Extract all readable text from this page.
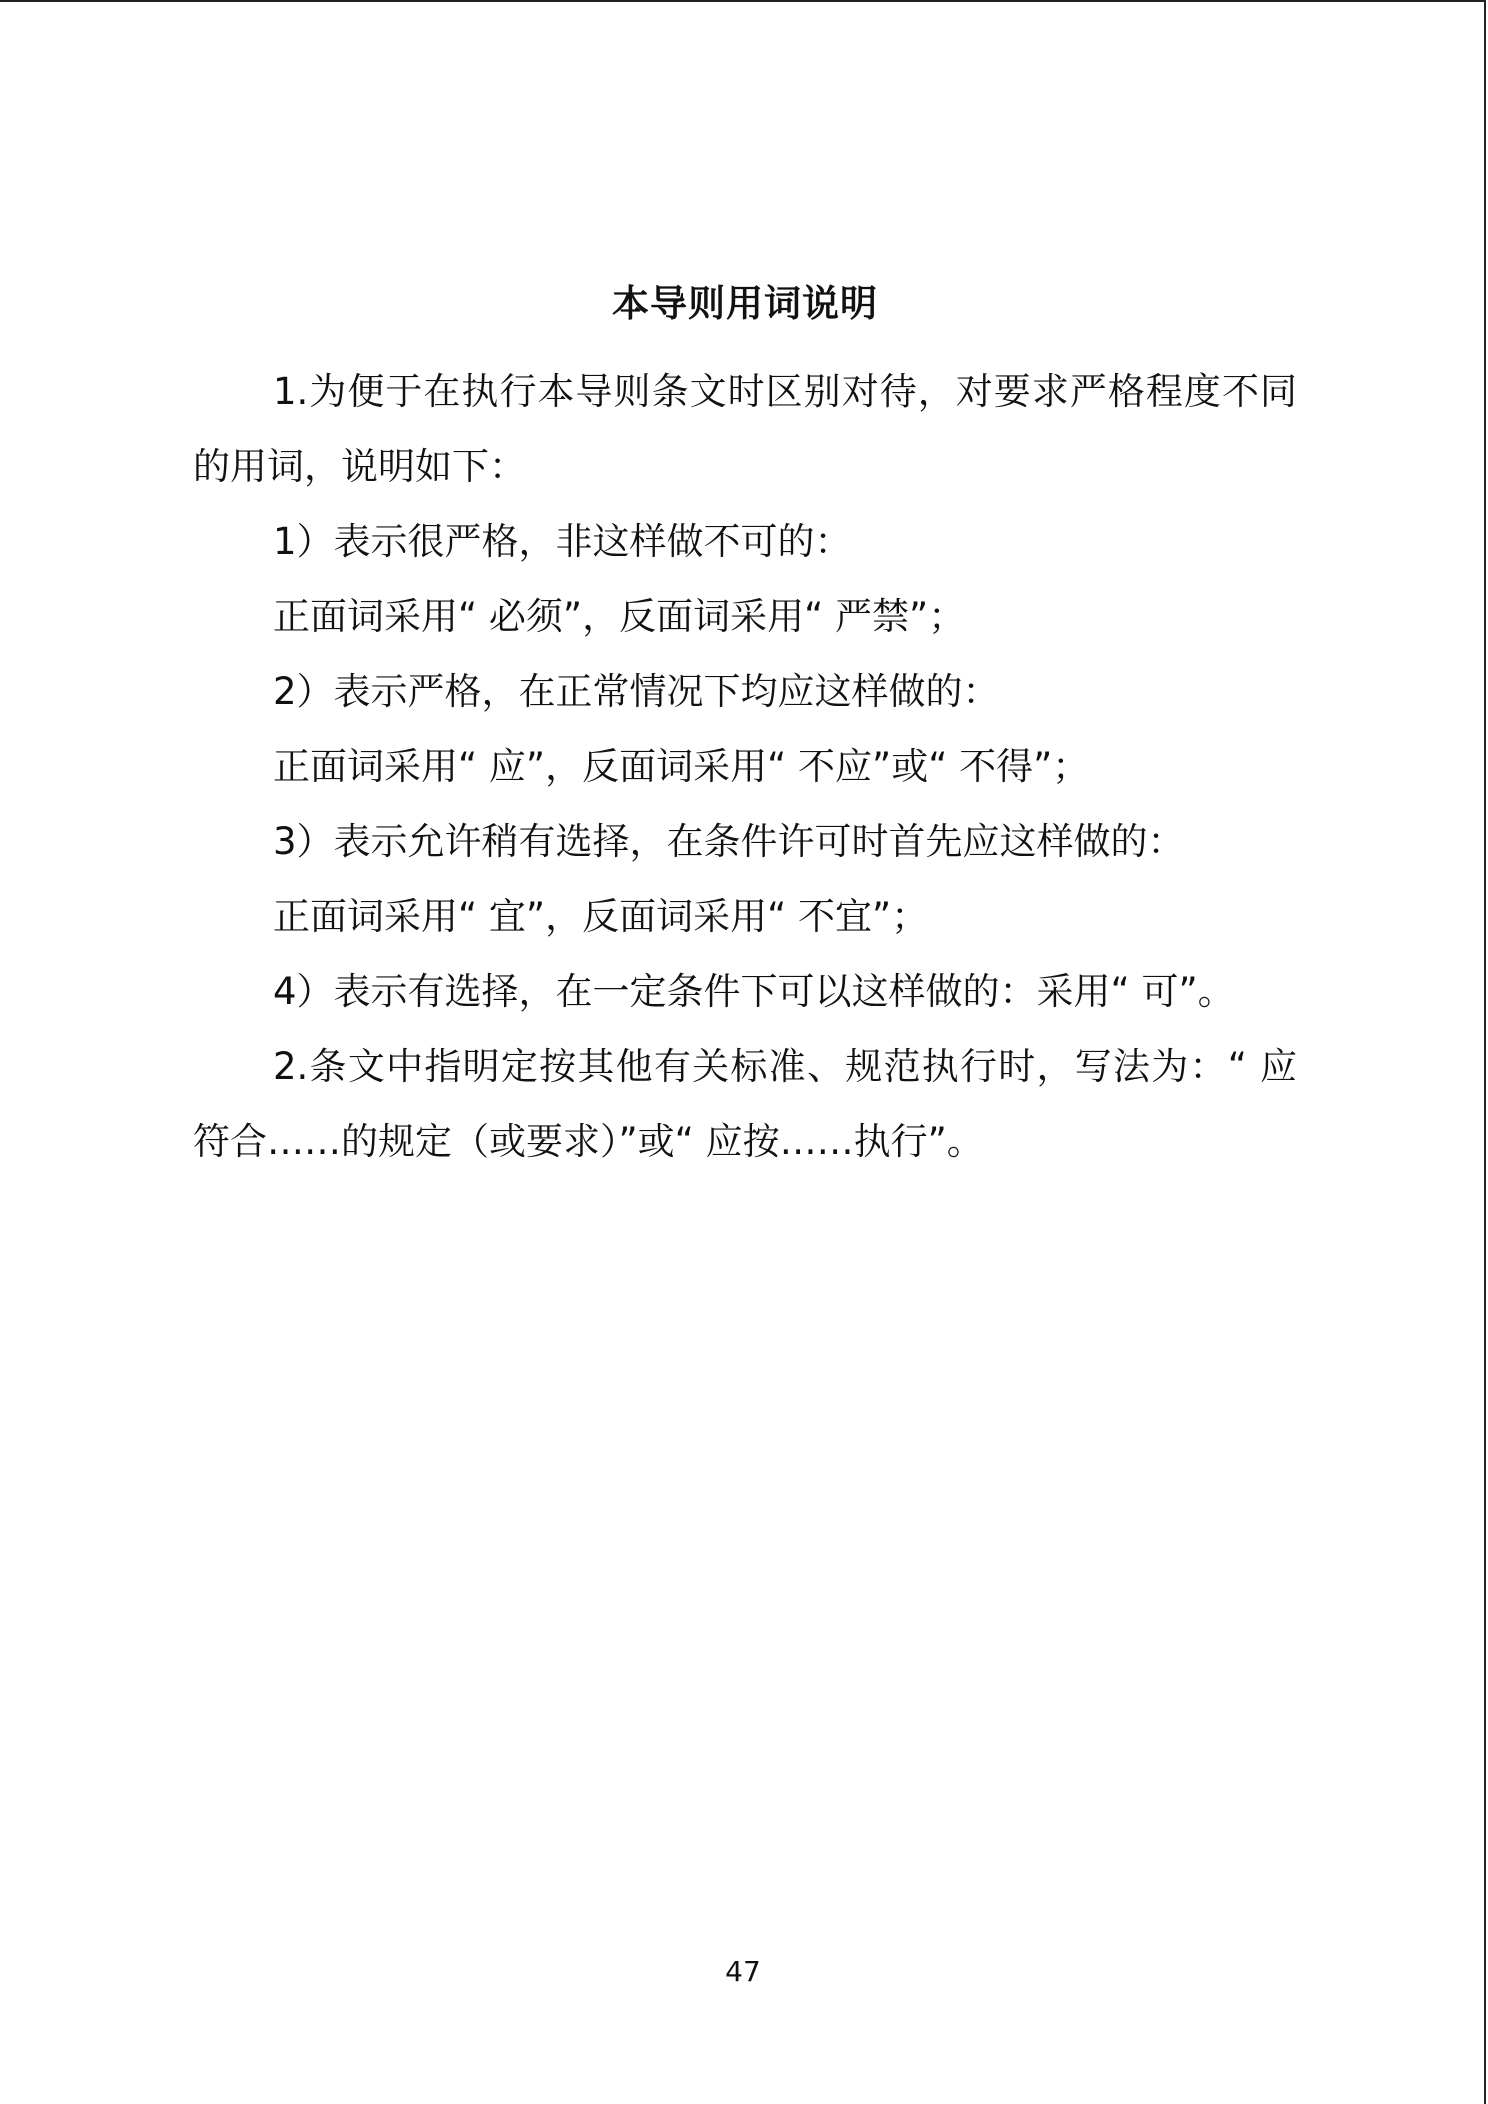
本导则用词说明

1.为便于在执行本导则条文时区别对待，对要求严格程度不同的用词，说明如下：

1）表示很严格，非这样做不可的：

正面词采用“ 必须”，反面词采用“ 严禁”；

2）表示严格，在正常情况下均应这样做的：

正面词采用“ 应”，反面词采用“ 不应”或“ 不得”；

3）表示允许稍有选择，在条件许可时首先应这样做的：

正面词采用“ 宜”，反面词采用“ 不宜”；

4）表示有选择，在一定条件下可以这样做的：采用“ 可”。

2.条文中指明定按其他有关标准、规范执行时，写法为：“ 应符合……的规定（或要求）”或“ 应按……执行”。

47
